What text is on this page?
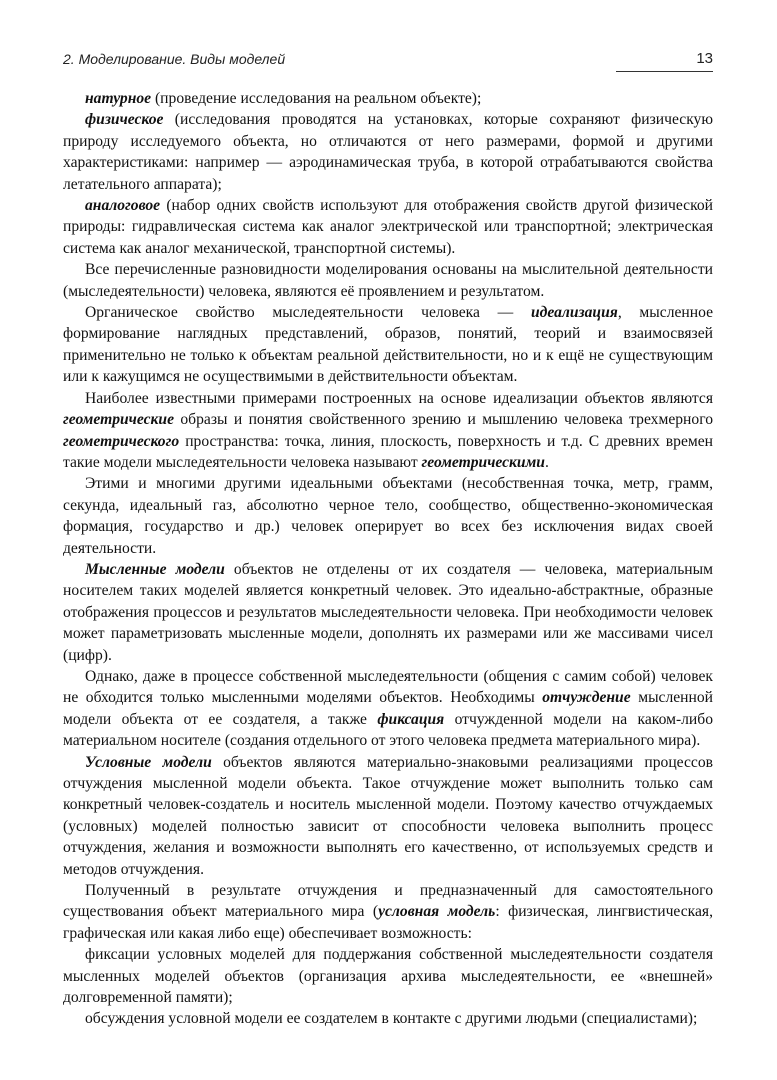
2. Моделирование. Виды моделей	13

натурное (проведение исследования на реальном объекте);

физическое (исследования проводятся на установках, которые сохраняют физическую природу исследуемого объекта, но отличаются от него размерами, формой и другими характеристиками: например — аэродинамическая труба, в которой отрабатываются свойства летательного аппарата);

аналоговое (набор одних свойств используют для отображения свойств другой физической природы: гидравлическая система как аналог электрической или транспортной; электрическая система как аналог механической, транспортной системы).

Все перечисленные разновидности моделирования основаны на мыслительной деятельности (мыследеятельности) человека, являются её проявлением и результатом.

Органическое свойство мыследеятельности человека — идеализация, мысленное формирование наглядных представлений, образов, понятий, теорий и взаимосвязей применительно не только к объектам реальной действительности, но и к ещё не существующим или к кажущимся не осуществимыми в действительности объектам.

Наиболее известными примерами построенных на основе идеализации объектов являются геометрические образы и понятия свойственного зрению и мышлению человека трехмерного геометрического пространства: точка, линия, плоскость, поверхность и т.д. С древних времен такие модели мыследеятельности человека называют геометрическими.

Этими и многими другими идеальными объектами (несобственная точка, метр, грамм, секунда, идеальный газ, абсолютно черное тело, сообщество, общественно-экономическая формация, государство и др.) человек оперирует во всех без исключения видах своей деятельности.

Мысленные модели объектов не отделены от их создателя — человека, материальным носителем таких моделей является конкретный человек. Это идеально-абстрактные, образные отображения процессов и результатов мыследеятельности человека. При необходимости человек может параметризовать мысленные модели, дополнять их размерами или же массивами чисел (цифр).

Однако, даже в процессе собственной мыследеятельности (общения с самим собой) человек не обходится только мысленными моделями объектов. Необходимы отчуждение мысленной модели объекта от ее создателя, а также фиксация отчужденной модели на каком-либо материальном носителе (создания отдельного от этого человека предмета материального мира).

Условные модели объектов являются материально-знаковыми реализациями процессов отчуждения мысленной модели объекта. Такое отчуждение может выполнить только сам конкретный человек-создатель и носитель мысленной модели. Поэтому качество отчуждаемых (условных) моделей полностью зависит от способности человека выполнить процесс отчуждения, желания и возможности выполнять его качественно, от используемых средств и методов отчуждения.

Полученный в результате отчуждения и предназначенный для самостоятельного существования объект материального мира (условная модель: физическая, лингвистическая, графическая или какая либо еще) обеспечивает возможность:

фиксации условных моделей для поддержания собственной мыследеятельности создателя мысленных моделей объектов (организация архива мыследеятельности, ее «внешней» долговременной памяти);

обсуждения условной модели ее создателем в контакте с другими людьми (специалистами);
